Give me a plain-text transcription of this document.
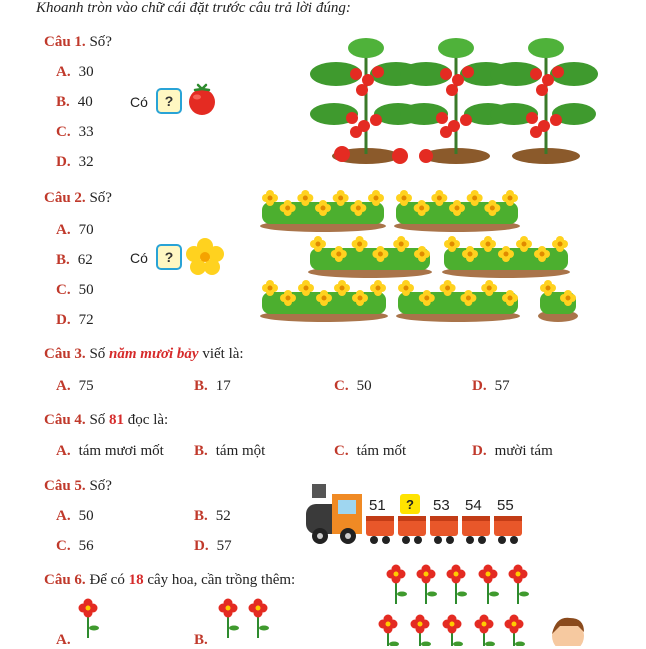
Khoanh tròn vào chữ cái đặt trước câu trả lời đúng:
Câu 1. Số?
A. 30
B. 40
C. 33
D. 32
Có	?
Câu 2. Số?
A. 70
B. 62
C. 50
D. 72
Có	?
Câu 3. Số năm mươi bảy viết là:
A. 75	B. 17	C. 50	D. 57
Câu 4. Số 81 đọc là:
A. tám mươi mốt B. tám một	C. tám mốt	D. mười tám
Câu 5. Số?
A. 50	B. 52
C. 56	D. 57
51	?	53 54 55
Câu 6. Để có 18 cây hoa, cần trồng thêm:
A.	B.
